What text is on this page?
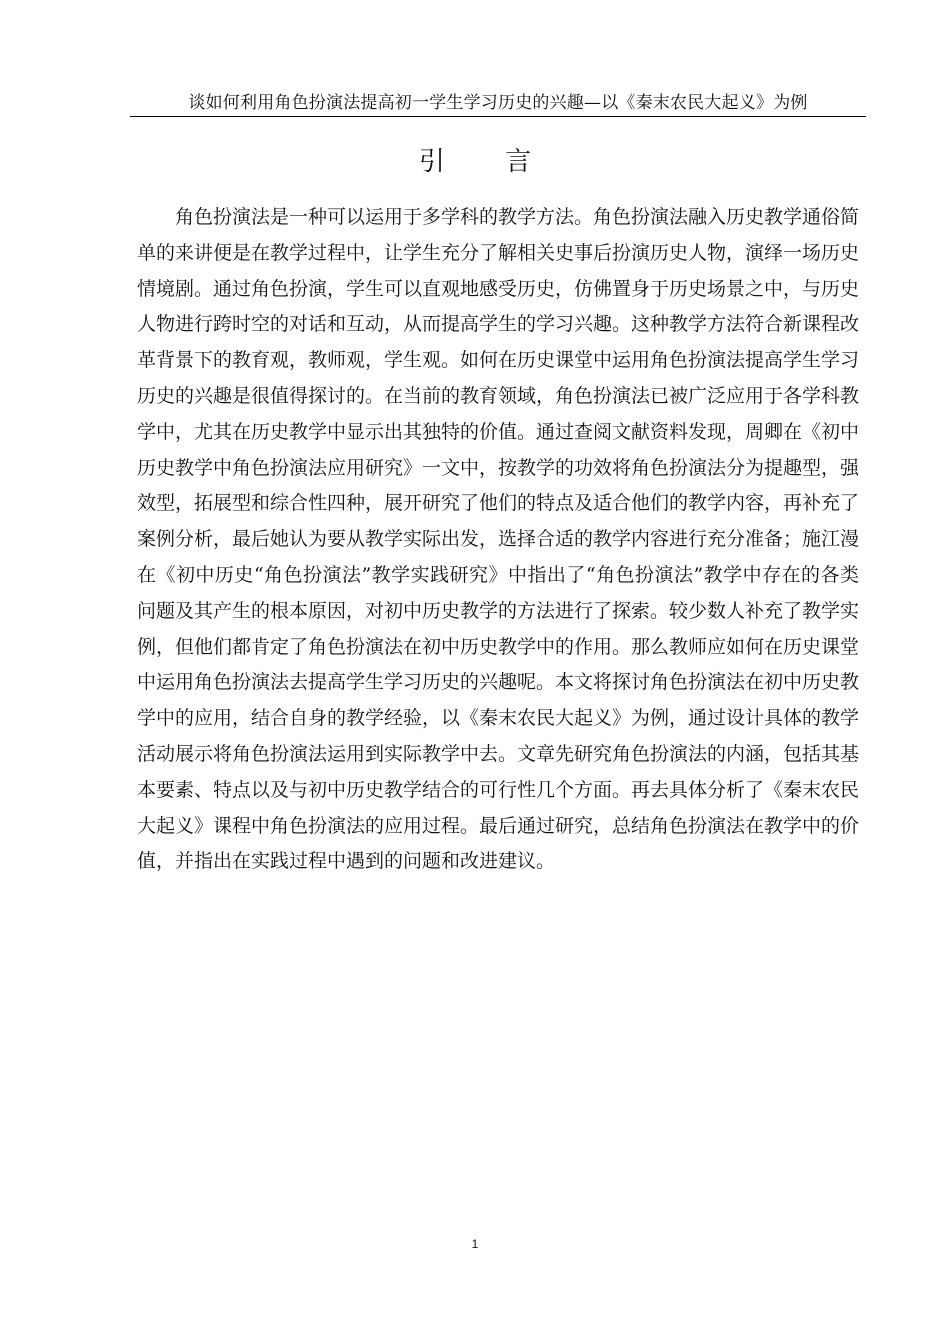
谈如何利用角色扮演法提高初一学生学习历史的兴趣—以《秦末农民大起义》为例
引 言

角色扮演法是一种可以运用于多学科的教学方法。角色扮演法融入历史教学通俗简单的来讲便是在教学过程中，让学生充分了解相关史事后扮演历史人物，演绎一场历史情境剧。通过角色扮演，学生可以直观地感受历史，仿佛置身于历史场景之中，与历史人物进行跨时空的对话和互动，从而提高学生的学习兴趣。这种教学方法符合新课程改革背景下的教育观，教师观，学生观。如何在历史课堂中运用角色扮演法提高学生学习历史的兴趣是很值得探讨的。在当前的教育领域，角色扮演法已被广泛应用于各学科教学中，尤其在历史教学中显示出其独特的价值。通过查阅文献资料发现，周卿在《初中历史教学中角色扮演法应用研究》一文中，按教学的功效将角色扮演法分为提趣型，强效型，拓展型和综合性四种，展开研究了他们的特点及适合他们的教学内容，再补充了案例分析，最后她认为要从教学实际出发，选择合适的教学内容进行充分准备；施江漫在《初中历史“角色扮演法”教学实践研究》中指出了“角色扮演法”教学中存在的各类问题及其产生的根本原因，对初中历史教学的方法进行了探索。较少数人补充了教学实例，但他们都肯定了角色扮演法在初中历史教学中的作用。那么教师应如何在历史课堂中运用角色扮演法去提高学生学习历史的兴趣呢。本文将探讨角色扮演法在初中历史教学中的应用，结合自身的教学经验，以《秦末农民大起义》为例，通过设计具体的教学活动展示将角色扮演法运用到实际教学中去。文章先研究角色扮演法的内涵，包括其基本要素、特点以及与初中历史教学结合的可行性几个方面。再去具体分析了《秦末农民大起义》课程中角色扮演法的应用过程。最后通过研究，总结角色扮演法在教学中的价值，并指出在实践过程中遇到的问题和改进建议。

1
